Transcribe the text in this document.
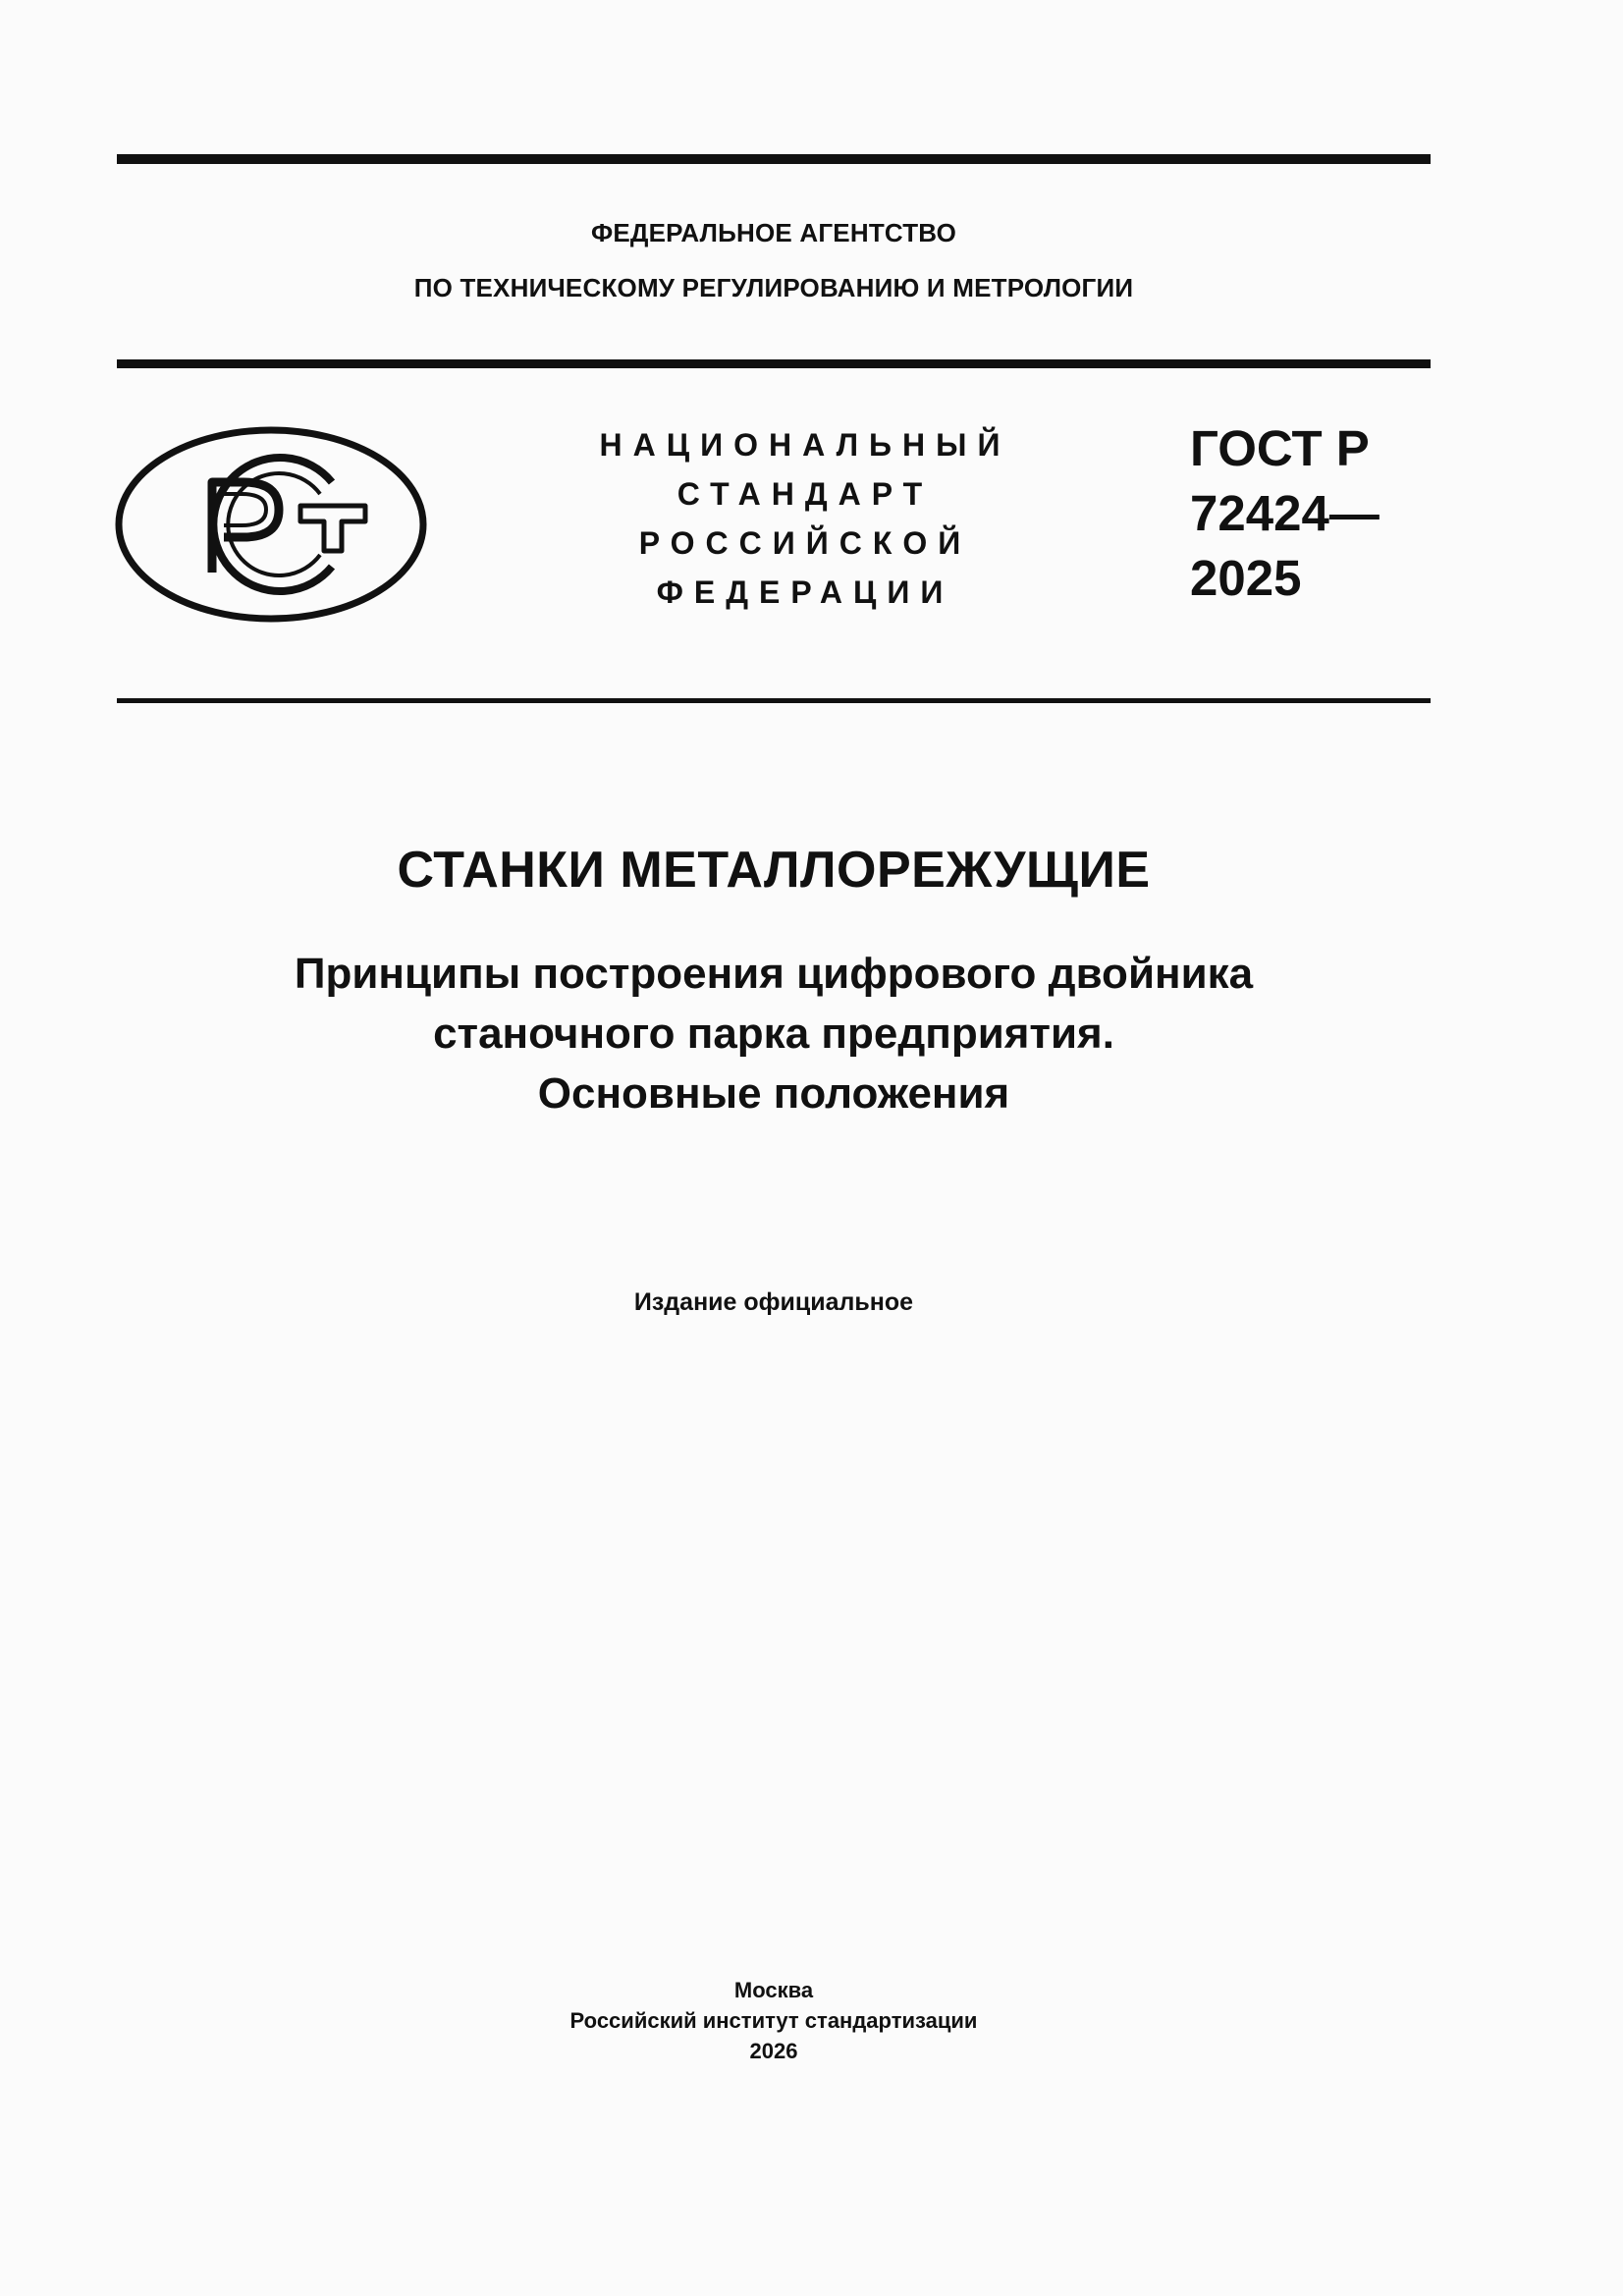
ФЕДЕРАЛЬНОЕ АГЕНТСТВО
ПО ТЕХНИЧЕСКОМУ РЕГУЛИРОВАНИЮ И МЕТРОЛОГИИ
НАЦИОНАЛЬНЫЙ
СТАНДАРТ
РОССИЙСКОЙ
ФЕДЕРАЦИИ
ГОСТ Р
72424—
2025
СТАНКИ МЕТАЛЛОРЕЖУЩИЕ
Принципы построения цифрового двойника
станочного парка предприятия.
Основные положения
Издание официальное
Москва
Российский институт стандартизации
2026
